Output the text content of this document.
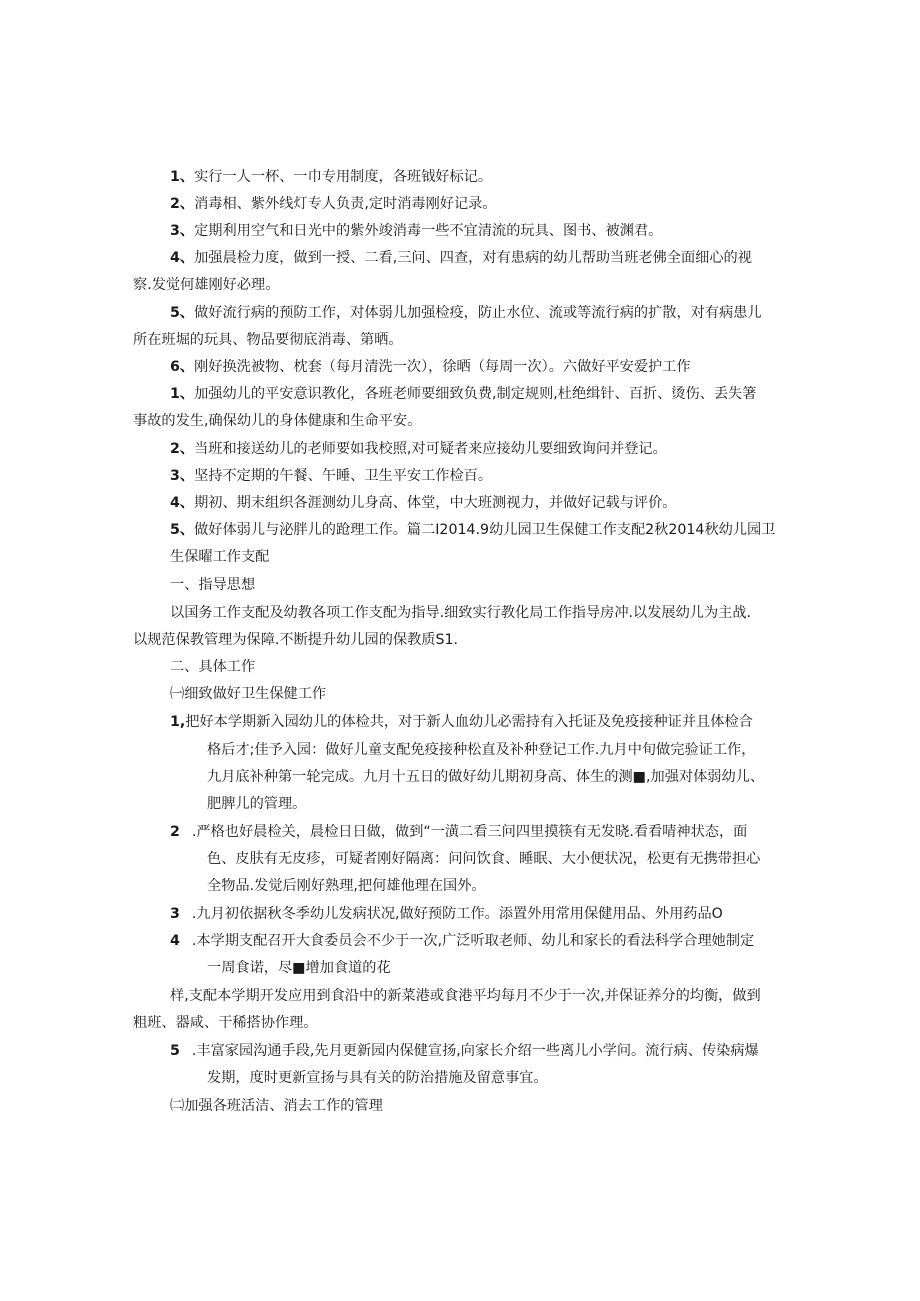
1、实行一人一杯、一巾专用制度，各班钺好标记。
2、消毒相、紫外线灯专人负责,定时消毒刚好记录。
3、定期利用空气和日光中的紫外竣消毒一些不宜清流的玩具、图书、被渊君。
4、加强晨检力度，做到一授、二看,三问、四查，对有患病的幼儿帮助当班老佛全面细心的视
察.发觉何雄刚好必理。
5、做好流行病的预防工作，对体弱儿加强检疫，防止水位、流或等流行病的扩散，对有病患儿
所在班堀的玩具、物品要彻底消毒、第晒。
6、刚好换洗被物、枕套（每月清洗一次），徐晒（每周一次）。六做好平安爱护工作
1、加强幼儿的平安意识教化，各班老师要细致负费,制定规则,杜绝缉针、百折、烫伤、丢失箸
事故的发生,确保幼儿的身体健康和生命平安。
2、当班和接送幼儿的老师要如我校照,对可疑者来应接幼儿要细致询问并登记。
3、坚持不定期的午餐、午睡、卫生平安工作检百。
4、期初、期末组织各涯测幼儿身高、体堂，中大班测视力，并做好记载与评价。
5、做好体弱儿与泌胖儿的跄理工作。篇二I2014.9幼儿园卫生保健工作支配2秋2014秋幼儿园卫
生保曜工作支配
一、指导思想
以国务工作支配及幼教各项工作支配为指导.细致实行教化局工作指导房冲.以发展幼儿为主战.
以规范保教管理为保障.不断提升幼儿园的保教质S1.
二、具体工作
㈠细致做好卫生保健工作
1,把好本学期新入园幼儿的体检共，对于新人血幼儿必需持有入托证及免疫接种证并且体检合
格后才;佳予入园：做好儿童支配免疫接种松直及补种登记工作.九月中旬做完验证工作，
九月底补种第一轮完成。九月十五日的做好幼儿期初身高、体生的测■,加强对体弱幼儿、
肥脾儿的管理。
2 .严格也好晨检关，晨检日日做，做到“一潢二看三问四里摸筷有无发晓.看看啨神状态，面
色、皮肤有无皮疹，可疑者刚好隔离：问问饮食、睡眠、大小便状况，松更有无携带担心
全物品.发觉后刚好熟理,把何雄他理在国外。
3 .九月初依据秋冬季幼儿发病状况,做好预防工作。添置外用常用保健用品、外用药品O
4 .本学期支配召开大食委员会不少于一次,广泛听取老师、幼儿和家长的看法科学合理她制定
一周食诺，尽■增加食道的花
样,支配本学期开发应用到食沿中的新菜港或食港平均每月不少于一次,并保证养分的均衡，做到
粗班、器咸、干稀搭协作理。
5 .丰富家园沟通手段,先月更新园内保健宣扬,向家长介绍一些离儿小学问。流行病、传染病爆
发期，度时更新宣扬与具有关的防治措施及留意事宜。
㈡加强各班活洁、消去工作的管理
